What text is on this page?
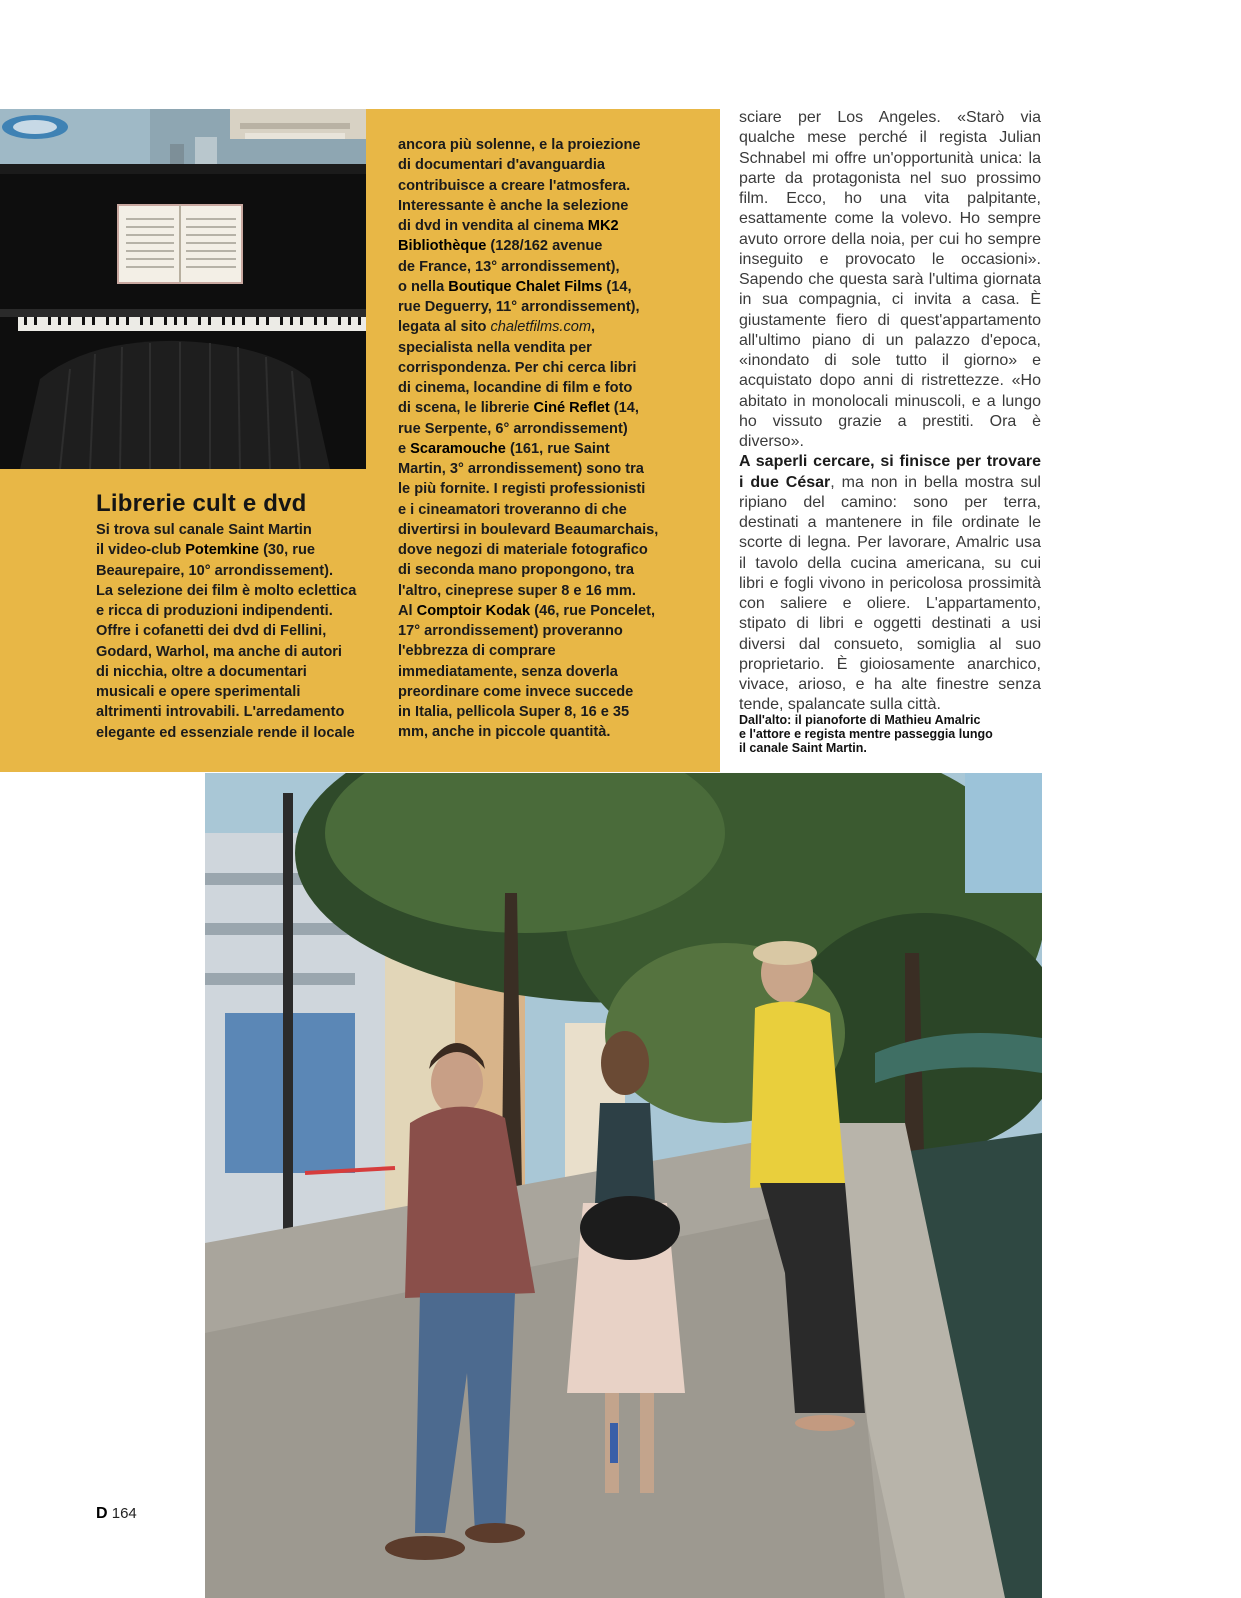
Librerie cult e dvd
Si trova sul canale Saint Martin
il video-club Potemkine (30, rue
Beaurepaire, 10° arrondissement).
La selezione dei film è molto eclettica
e ricca di produzioni indipendenti.
Offre i cofanetti dei dvd di Fellini,
Godard, Warhol, ma anche di autori
di nicchia, oltre a documentari
musicali e opere sperimentali
altrimenti introvabili. L'arredamento
elegante ed essenziale rende il locale
ancora più solenne, e la proiezione
di documentari d'avanguardia
contribuisce a creare l'atmosfera.
Interessante è anche la selezione
di dvd in vendita al cinema MK2
Bibliothèque (128/162 avenue
de France, 13° arrondissement),
o nella Boutique Chalet Films (14,
rue Deguerry, 11° arrondissement),
legata al sito chaletfilms.com,
specialista nella vendita per
corrispondenza. Per chi cerca libri
di cinema, locandine di film e foto
di scena, le librerie Ciné Reflet (14,
rue Serpente, 6° arrondissement)
e Scaramouche (161, rue Saint
Martin, 3° arrondissement) sono tra
le più fornite. I registi professionisti
e i cineamatori troveranno di che
divertirsi in boulevard Beaumarchais,
dove negozi di materiale fotografico
di seconda mano propongono, tra
l'altro, cineprese super 8 e 16 mm.
Al Comptoir Kodak (46, rue Poncelet,
17° arrondissement) proveranno
l'ebbrezza di comprare
immediatamente, senza doverla
preordinare come invece succede
in Italia, pellicola Super 8, 16 e 35
mm, anche in piccole quantità.

sciare per Los Angeles. «Starò via qualche mese perché il regista Julian Schnabel mi offre un'opportunità unica: la parte da protagonista nel suo prossimo film. Ecco, ho una vita palpitante, esattamente come la volevo. Ho sempre avuto orrore della noia, per cui ho sempre inseguito e provocato le occasioni». Sapendo che questa sarà l'ultima giornata in sua compagnia, ci invita a casa. È giustamente fiero di quest'appartamento all'ultimo piano di un palazzo d'epoca, «inondato di sole tutto il giorno» e acquistato dopo anni di ristrettezze. «Ho abitato in monolocali minuscoli, e a lungo ho vissuto grazie a prestiti. Ora è diverso».

A saperli cercare, si finisce per trovare i due César, ma non in bella mostra sul ripiano del camino: sono per terra, destinati a mantenere in file ordinate le scorte di legna. Per lavorare, Amalric usa il tavolo della cucina americana, su cui libri e fogli vivono in pericolosa prossimità con saliere e oliere. L'appartamento, stipato di libri e oggetti destinati a usi diversi dal consueto, somiglia al suo proprietario. È gioiosamente anarchico, vivace, arioso, e ha alte finestre senza tende, spalancate sulla città.

Dall'alto: il pianoforte di Mathieu Amalric
e l'attore e regista mentre passeggia lungo
il canale Saint Martin.
D 164
